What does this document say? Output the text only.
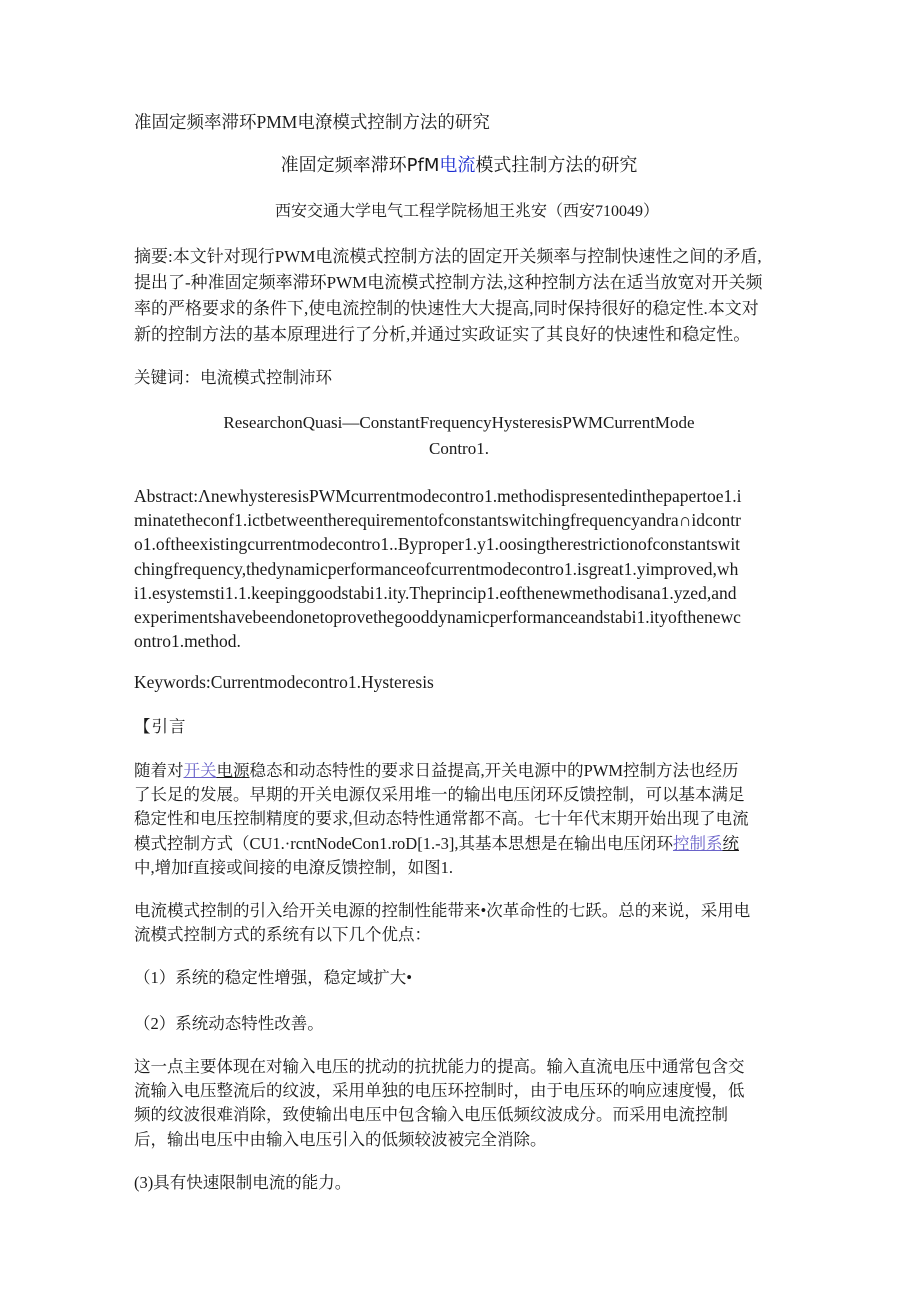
准固定频率滞环PMM电潦模式控制方法的研究
准固定频率滞环PfM电流模式拄制方法的研究
西安交通大学电气工程学院杨旭王兆安（西安710049）
摘要:本文针对现行PWM电流模式控制方法的固定开关频率与控制快速性之间的矛盾,
提出了-种准固定频率滞环PWM电流模式控制方法,这种控制方法在适当放宽对开关频
率的严格要求的条件下,使电流控制的快速性大大提高,同时保持很好的稳定性.本文对
新的控制方法的基本原理进行了分析,并通过实政证实了其良好的快速性和稳定性。
关键词：电流模式控制沛环
ResearchonQuasi—ConstantFrequencyHysteresisPWMCurrentMode
Contro1.
Abstract:ΛnewhysteresisPWMcurrentmodecontro1.methodispresentedinthepapertoe1.i
minatetheconf1.ictbetweentherequirementofconstantswitchingfrequencyandra∩idcontr
o1.oftheexistingcurrentmodecontro1..Byproper1.y1.oosingtherestrictionofconstantswit
chingfrequency,thedynamicperformanceofcurrentmodecontro1.isgreat1.yimproved,wh
i1.esystemsti1.1.keepinggoodstabi1.ity.Theprincip1.eofthenewmethodisana1.yzed,and
experimentshavebeendonetoprovethegooddynamicperformanceandstabi1.ityofthenewc
ontro1.method.
Keywords:Currentmodecontro1.Hysteresis
【引言
随着对开关电源稳态和动态特性的要求日益提高,开关电源中的PWM控制方法也经历
了长足的发展。早期的开关电源仅采用堆一的输出电压闭环反馈控制，可以基本满足
稳定性和电压控制精度的要求,但动态特性通常都不高。七十年代末期开始出现了电流
模式控制方式（CU1.·rcntNodeCon1.roD[1.-3],其基本思想是在输出电压闭环控制系统
中,增加f直接或间接的电潦反馈控制，如图1.
电流模式控制的引入给开关电源的控制性能带来•次革命性的七跃。总的来说，采用电
流模式控制方式的系统有以下几个优点：
（1）系统的稳定性增强，稳定域扩大•
（2）系统动态特性改善。
这一点主要体现在对输入电压的扰动的抗扰能力的提高。输入直流电压中通常包含交
流输入电压整流后的纹波，采用单独的电压环控制时，由于电压环的响应速度慢，低
频的纹波很难消除，致使输出电压中包含输入电压低频纹波成分。而采用电流控制
后，输出电压中由输入电压引入的低频较波被完全消除。
(3)具有快速限制电流的能力。
